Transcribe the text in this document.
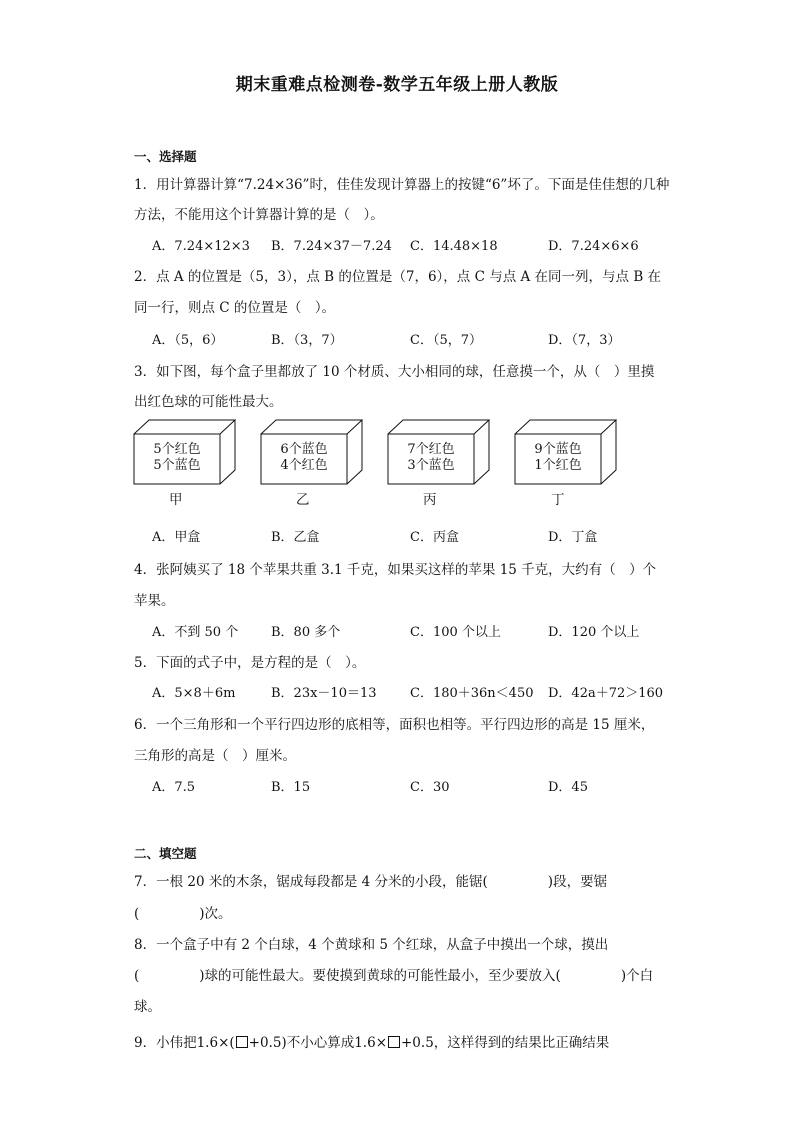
期末重难点检测卷-数学五年级上册人教版
一、选择题
1．用计算器计算“7.24×36”时，佳佳发现计算器上的按键“6”坏了。下面是佳佳想的几种
方法，不能用这个计算器计算的是（　）。
A．7.24×12×3 B．7.24×37－7.24 C．14.48×18	D．7.24×6×6
2．点 A 的位置是（5，3），点 B 的位置是（7，6），点 C 与点 A 在同一列，与点 B 在
同一行，则点 C 的位置是（　）。
A．（5，6）	B．（3，7）	C．（5，7）	D．（7，3）
3．如下图，每个盒子里都放了 10 个材质、大小相同的球，任意摸一个，从（　）里摸
出红色球的可能性最大。
5个红色
5个蓝色
6个蓝色
4个红色
7个红色
3个蓝色
9个蓝色
1个红色
甲	乙	丙	丁
A．甲盒	B．乙盒	C．丙盒	D．丁盒
4．张阿姨买了 18 个苹果共重 3.1 千克，如果买这样的苹果 15 千克，大约有（　）个
苹果。
A．不到 50 个	B．80 多个	C．100 个以上	D．120 个以上
5．下面的式子中，是方程的是（　）。
A．5×8＋6m	B．23x－10＝13	C．180＋36n＜450 D．42a＋72＞160
6．一个三角形和一个平行四边形的底相等，面积也相等。平行四边形的高是 15 厘米，
三角形的高是（　）厘米。
A．7.5	B．15	C．30	D．45
二、填空题
7．一根 20 米的木条，锯成每段都是 4 分米的小段，能锯(	)段，要锯
(	)次。
8．一个盒子中有 2 个白球，4 个黄球和 5 个红球，从盒子中摸出一个球，摸出
(	)球的可能性最大。要使摸到黄球的可能性最小，至少要放入(	)个白
球。
9．小伟把1.6×( +0.5)不小心算成1.6× +0.5，这样得到的结果比正确结果
